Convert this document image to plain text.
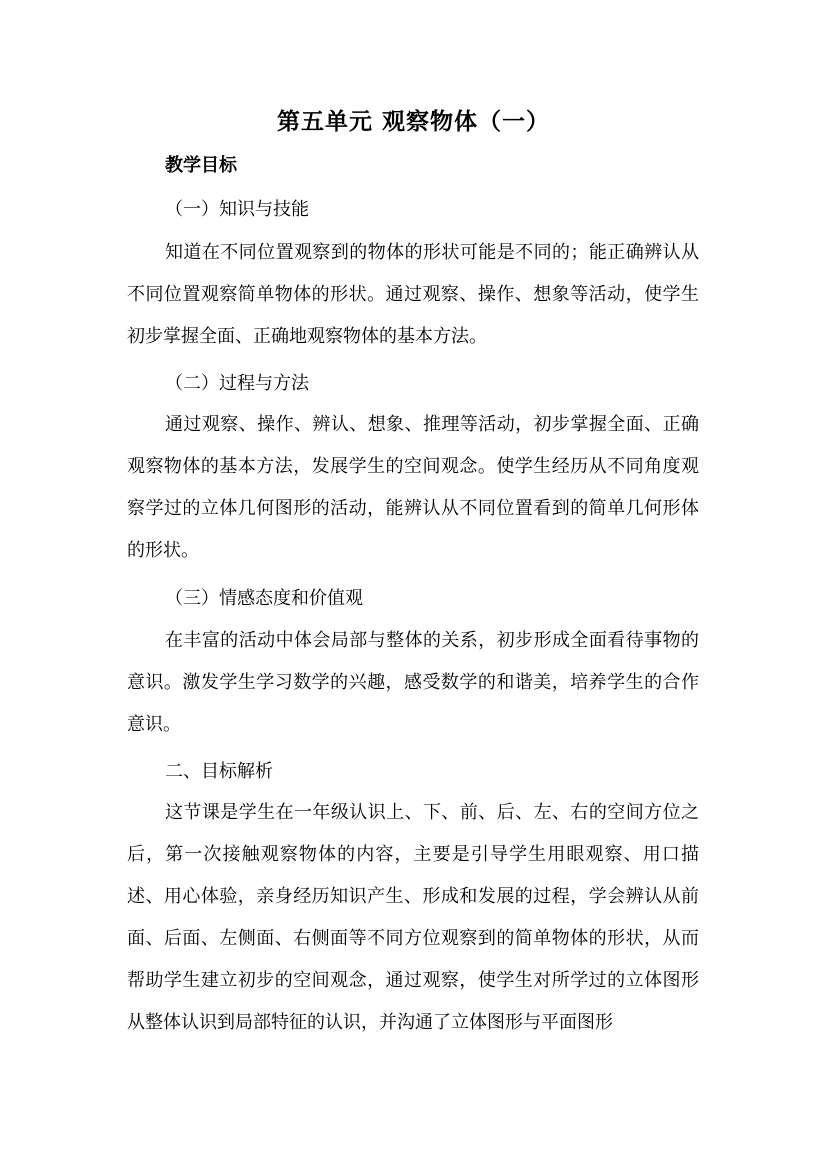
第五单元 观察物体（一）
教学目标
（一）知识与技能
知道在不同位置观察到的物体的形状可能是不同的；能正确辨认从不同位置观察简单物体的形状。通过观察、操作、想象等活动，使学生初步掌握全面、正确地观察物体的基本方法。
（二）过程与方法
通过观察、操作、辨认、想象、推理等活动，初步掌握全面、正确观察物体的基本方法，发展学生的空间观念。使学生经历从不同角度观察学过的立体几何图形的活动，能辨认从不同位置看到的简单几何形体的形状。
（三）情感态度和价值观
在丰富的活动中体会局部与整体的关系，初步形成全面看待事物的意识。激发学生学习数学的兴趣，感受数学的和谐美，培养学生的合作意识。
二、目标解析
这节课是学生在一年级认识上、下、前、后、左、右的空间方位之后，第一次接触观察物体的内容，主要是引导学生用眼观察、用口描述、用心体验，亲身经历知识产生、形成和发展的过程，学会辨认从前面、后面、左侧面、右侧面等不同方位观察到的简单物体的形状，从而帮助学生建立初步的空间观念，通过观察，使学生对所学过的立体图形从整体认识到局部特征的认识，并沟通了立体图形与平面图形
